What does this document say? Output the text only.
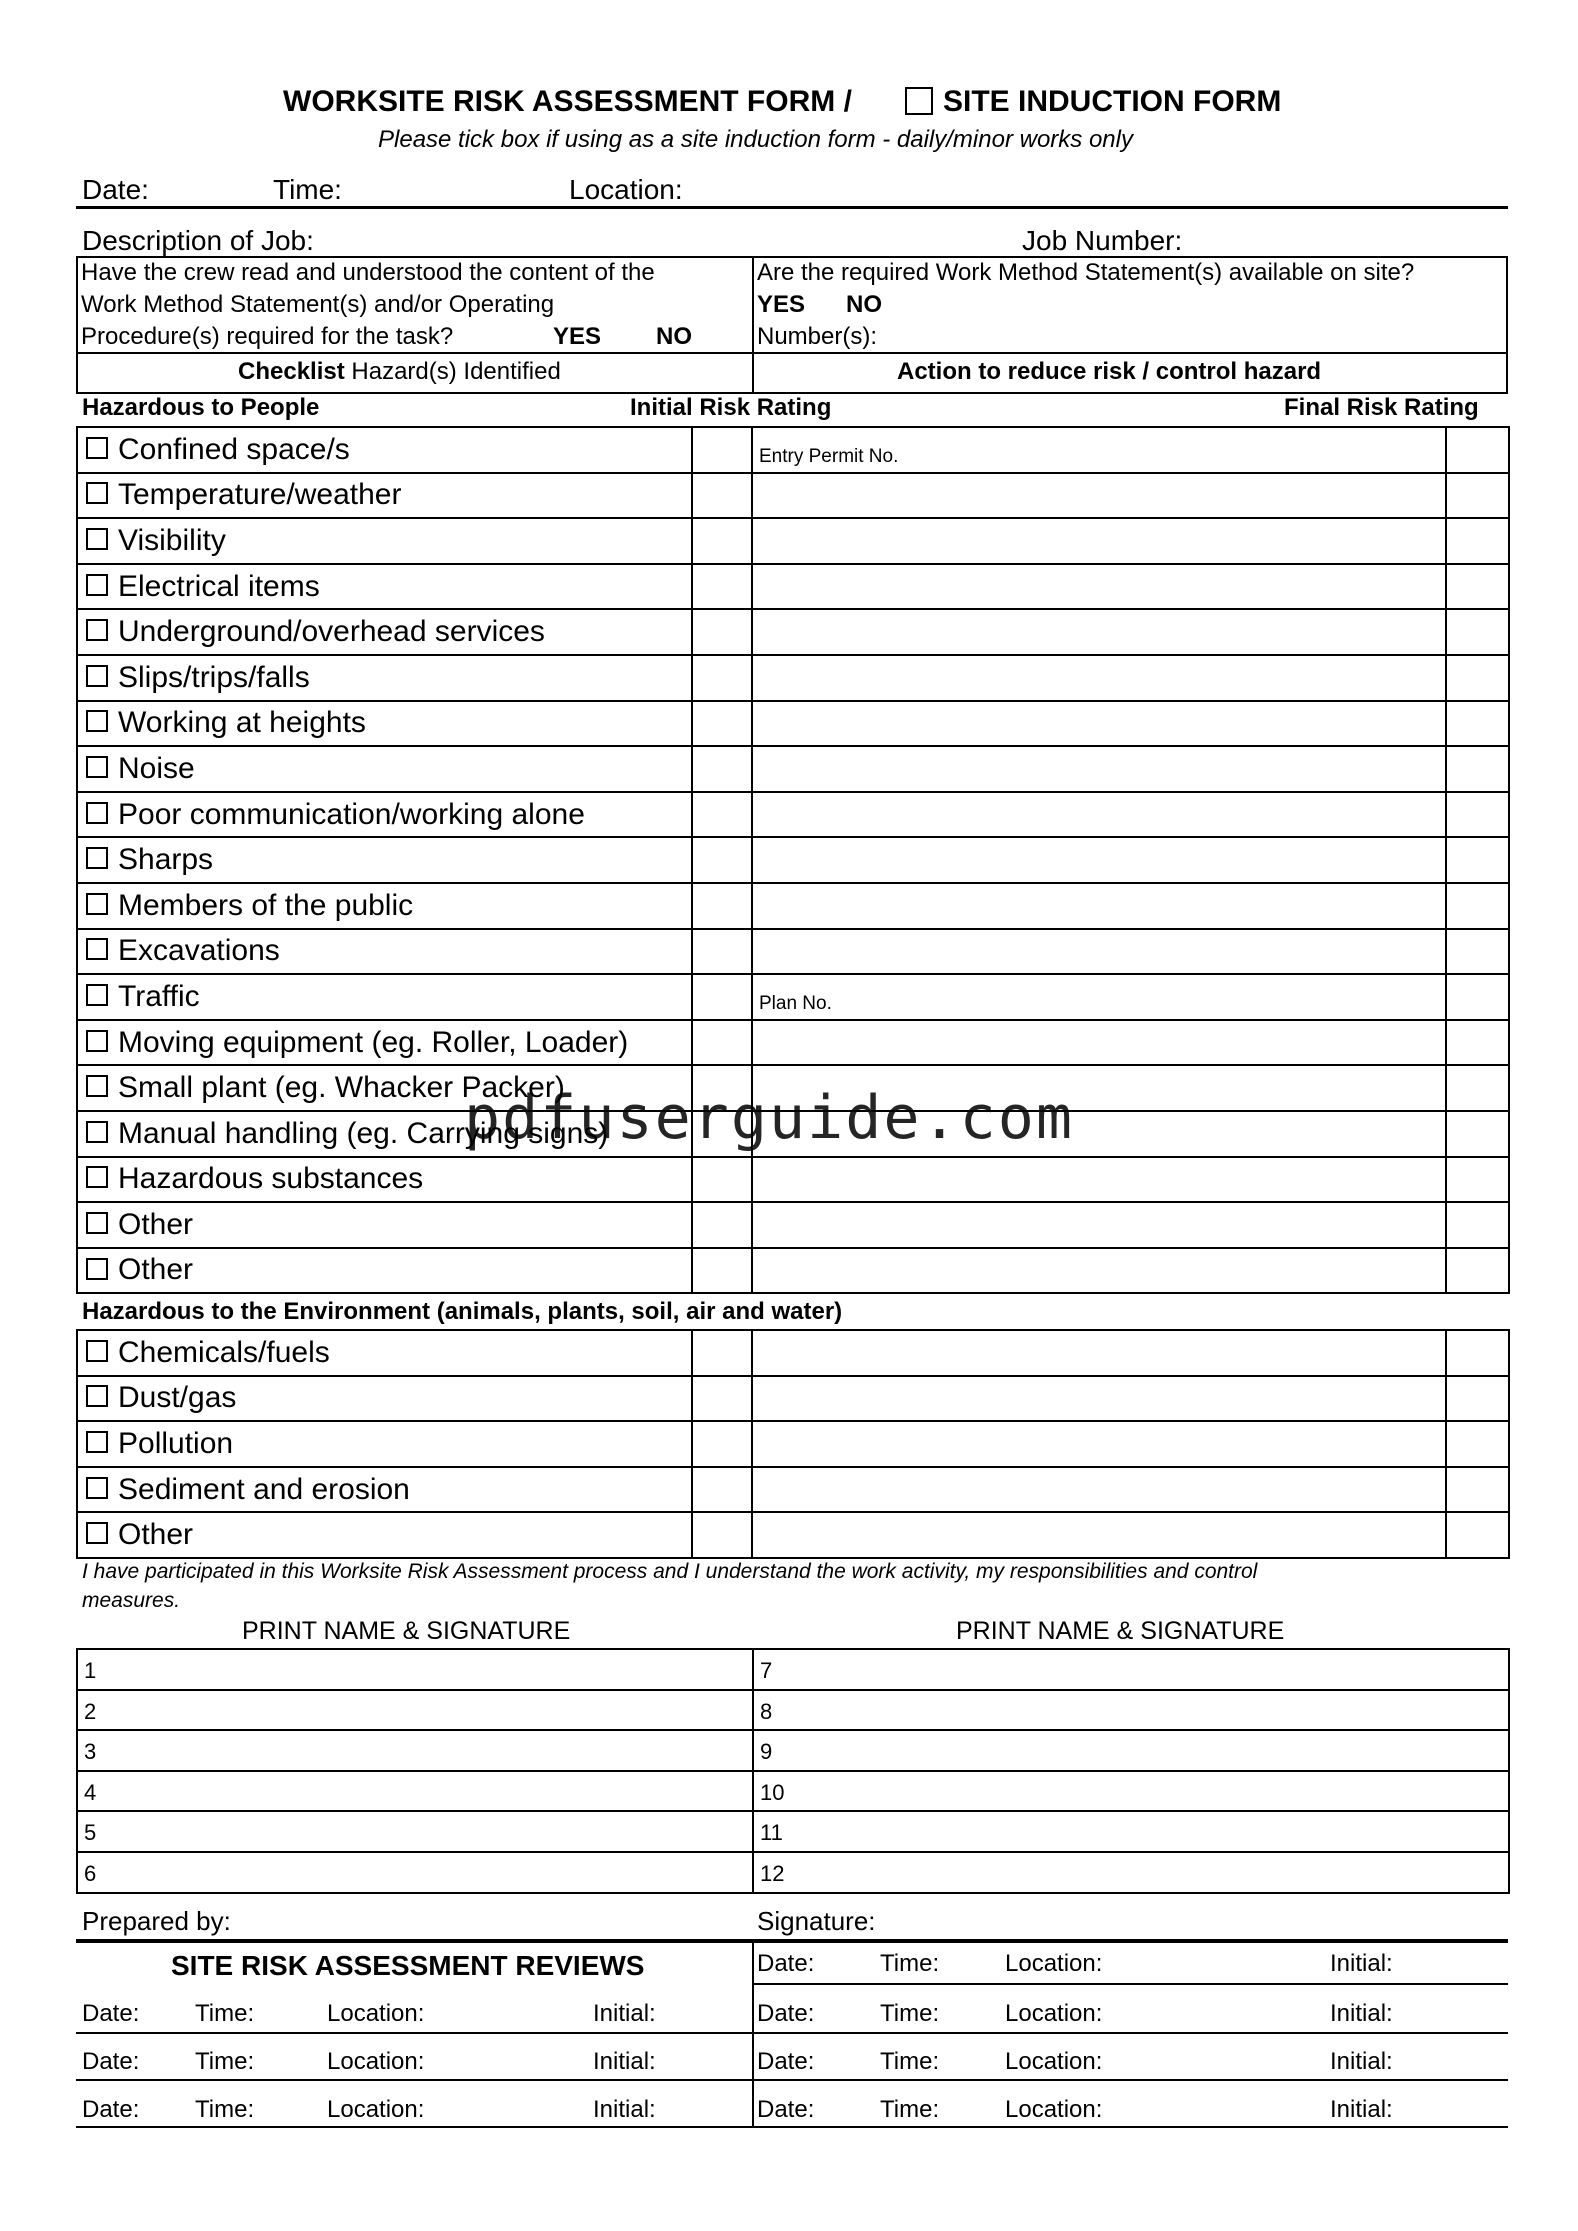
WORKSITE RISK ASSESSMENT FORM /	SITE INDUCTION FORM
Please tick box if using as a site induction form - daily/minor works only
Date:	Time:	Location:
Description of Job:	Job Number:
Have the crew read and understood the content of the
Work Method Statement(s) and/or Operating
Procedure(s) required for the task?	YES NO
Are the required Work Method Statement(s) available on site?
YES NO
Number(s):
Checklist Hazard(s) Identified	Action to reduce risk / control hazard
Hazardous to People	Initial Risk Rating	Final Risk Rating
Confined space/s		Entry Permit No.	
Temperature/weather			
Visibility			
Electrical items			
Underground/overhead services			
Slips/trips/falls			
Working at heights			
Noise			
Poor communication/working alone			
Sharps			
Members of the public			
Excavations			
Traffic		Plan No.	
Moving equipment (eg. Roller, Loader)			
Small plant (eg. Whacker Packer)			
Manual handling (eg. Carrying signs)			
Hazardous substances			
Other			
Other			
Hazardous to the Environment (animals, plants, soil, air and water)
Chemicals/fuels			
Dust/gas			
Pollution			
Sediment and erosion			
Other			
I have participated in this Worksite Risk Assessment process and I understand the work activity, my responsibilities and control
measures.
PRINT NAME & SIGNATURE	PRINT NAME & SIGNATURE
1	7
2	8
3	9
4	10
5	11
6	12
Prepared by:	Signature:
Date:	Time:	Location:	Initial:
Date: Time:	Location:	Initial:	Date:	Time:	Location:	Initial:
Date: Time:	Location:	Initial:	Date:	Time:	Location:	Initial:
Date: Time:	Location:	Initial:	Date:	Time:	Location:	Initial:
SITE RISK ASSESSMENT REVIEWS
pdfuserguide.com
